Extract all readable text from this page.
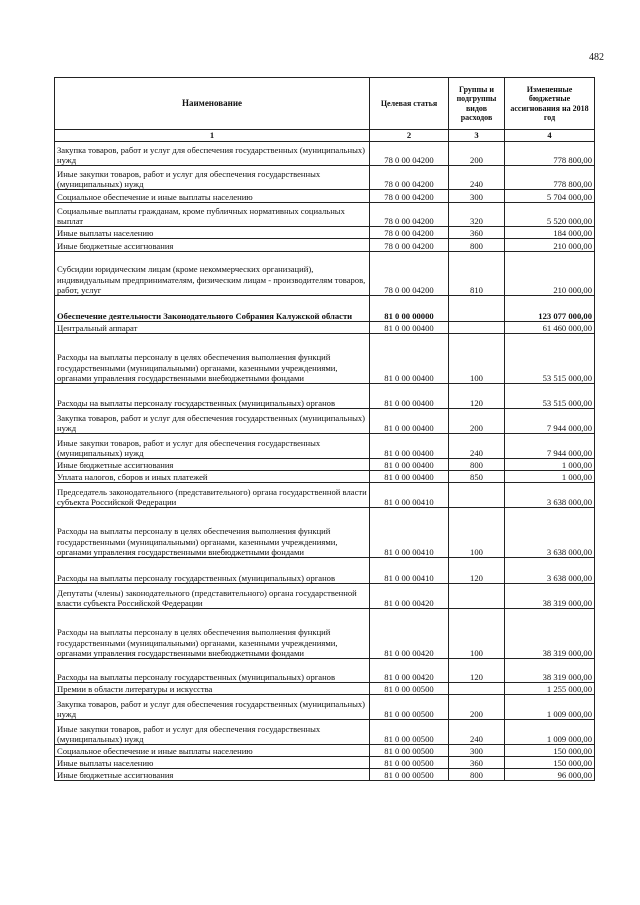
482
Наименование	Целевая статья	Группы и подгруппы видов расходов	Измененные бюджетные ассигнования на 2018 год
1	2	3	4
Закупка товаров, работ и услуг для обеспечения государственных (муниципальных) нужд	78 0 00 04200	200	778 800,00
Иные закупки товаров, работ и услуг для обеспечения государственных (муниципальных) нужд	78 0 00 04200	240	778 800,00
Социальное обеспечение и иные выплаты населению	78 0 00 04200	300	5 704 000,00
Социальные выплаты гражданам, кроме публичных нормативных социальных выплат	78 0 00 04200	320	5 520 000,00
Иные выплаты населению	78 0 00 04200	360	184 000,00
Иные бюджетные ассигнования	78 0 00 04200	800	210 000,00
Субсидии юридическим лицам (кроме некоммерческих организаций), индивидуальным предпринимателям, физическим лицам - производителям товаров, работ, услуг	78 0 00 04200	810	210 000,00
Обеспечение деятельности Законодательного Собрания Калужской области	81 0 00 00000		123 077 000,00
Центральный аппарат	81 0 00 00400		61 460 000,00
Расходы на выплаты персоналу в целях обеспечения выполнения функций государственными (муниципальными) органами, казенными учреждениями, органами управления государственными внебюджетными фондами	81 0 00 00400	100	53 515 000,00
Расходы на выплаты персоналу государственных (муниципальных) органов	81 0 00 00400	120	53 515 000,00
Закупка товаров, работ и услуг для обеспечения государственных (муниципальных) нужд	81 0 00 00400	200	7 944 000,00
Иные закупки товаров, работ и услуг для обеспечения государственных (муниципальных) нужд	81 0 00 00400	240	7 944 000,00
Иные бюджетные ассигнования	81 0 00 00400	800	1 000,00
Уплата налогов, сборов и иных платежей	81 0 00 00400	850	1 000,00
Председатель законодательного (представительного) органа государственной власти субъекта Российской Федерации	81 0 00 00410		3 638 000,00
Расходы на выплаты персоналу в целях обеспечения выполнения функций государственными (муниципальными) органами, казенными учреждениями, органами управления государственными внебюджетными фондами	81 0 00 00410	100	3 638 000,00
Расходы на выплаты персоналу государственных (муниципальных) органов	81 0 00 00410	120	3 638 000,00
Депутаты (члены) законодательного (представительного) органа государственной власти субъекта Российской Федерации	81 0 00 00420		38 319 000,00
Расходы на выплаты персоналу в целях обеспечения выполнения функций государственными (муниципальными) органами, казенными учреждениями, органами управления государственными внебюджетными фондами	81 0 00 00420	100	38 319 000,00
Расходы на выплаты персоналу государственных (муниципальных) органов	81 0 00 00420	120	38 319 000,00
Премии в области литературы и искусства	81 0 00 00500		1 255 000,00
Закупка товаров, работ и услуг для обеспечения государственных (муниципальных) нужд	81 0 00 00500	200	1 009 000,00
Иные закупки товаров, работ и услуг для обеспечения государственных (муниципальных) нужд	81 0 00 00500	240	1 009 000,00
Социальное обеспечение и иные выплаты населению	81 0 00 00500	300	150 000,00
Иные выплаты населению	81 0 00 00500	360	150 000,00
Иные бюджетные ассигнования	81 0 00 00500	800	96 000,00
